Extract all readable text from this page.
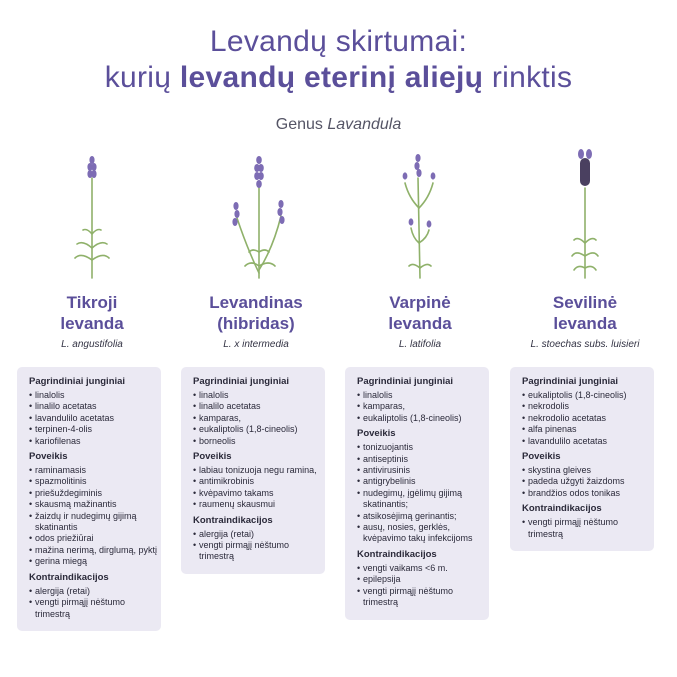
Levandų skirtumai:
kurių levandų eterinį aliejų rinktis
Genus Lavandula
Tikroji
levanda
L. angustifolia
Pagrindiniai junginiai
• linalolis
• linalilo acetatas
• lavandulilo acetatas
• terpinen-4-olis
• kariofilenas
Poveikis
• raminamasis
• spazmolitinis
• priešuždegiminis
• skausmą mažinantis
• žaizdų ir nudegimų gijimą skatinantis
• odos priežiūrai
• mažina nerimą, dirglumą, pyktį
• gerina miegą
Kontraindikacijos
• alergija (retai)
• vengti pirmąjį nėštumo trimestrą
Levandinas
(hibridas)
L. x intermedia
Pagrindiniai junginiai
• linalolis
• linalilo acetatas
• kamparas,
• eukaliptolis (1,8-cineolis)
• borneolis
Poveikis
• labiau tonizuoja negu ramina,
• antimikrobinis
• kvėpavimo takams
• raumenų skausmui
Kontraindikacijos
• alergija (retai)
• vengti pirmąjį nėštumo trimestrą
Varpinė
levanda
L. latifolia
Pagrindiniai junginiai
• linalolis
• kamparas,
• eukaliptolis (1,8-cineolis)
Poveikis
• tonizuojantis
• antiseptinis
• antivirusinis
• antigrybelinis
• nudegimų, įgėlimų gijimą skatinantis;
• atsikosėjimą gerinantis;
• ausų, nosies, gerklės, kvėpavimo takų infekcijoms
Kontraindikacijos
• vengti vaikams <6 m.
• epilepsija
• vengti pirmąjį nėštumo trimestrą
Sevilinė
levanda
L. stoechas subs. luisieri
Pagrindiniai junginiai
• eukaliptolis (1,8-cineolis)
• nekrodolis
• nekrodolio acetatas
• alfa pinenas
• lavandulilo acetatas
Poveikis
• skystina gleives
• padeda užgyti žaizdoms
• brandžios odos tonikas
Kontraindikacijos
• vengti pirmąjį nėštumo trimestrą
